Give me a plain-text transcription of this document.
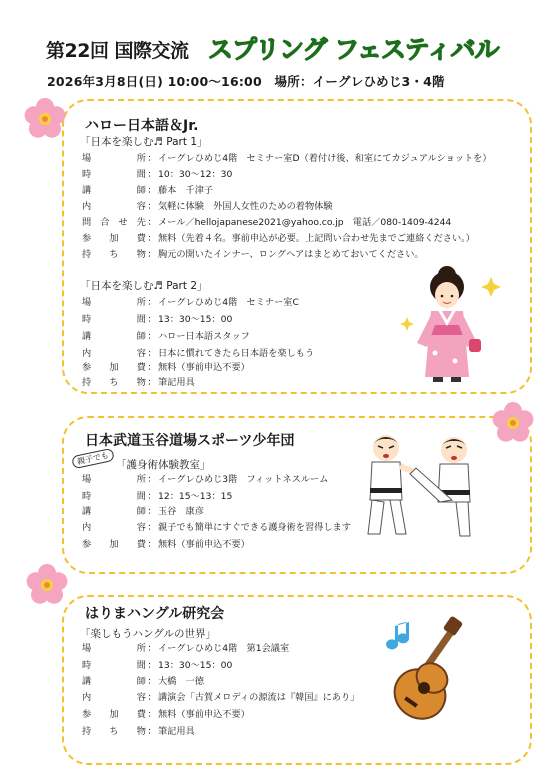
第22回 国際交流 スプリング フェスティバル
2026年3月8日(日) 10:00〜16:00　場所：イーグレひめじ3・4階
ハロー日本語＆Jr.
「日本を楽しむ♬ Part 1」
場　所：イーグレひめじ4階　セミナー室D（着付け後、和室にてカジュアルショットを）
時　間：10：30〜12：30
講　師：藤本　千津子
内　容：気軽に体験　外国人女性のための着物体験
問合せ先：メール／hellojapanese2021@yahoo.co.jp　電話／080-1409-4244
参加費：無料（先着４名。事前申込が必要。上記問い合わせ先までご連絡ください。）
持ち物：胸元の開いたインナー、ロングヘアはまとめておいてください。
「日本を楽しむ♬ Part 2」
場　所：イーグレひめじ4階　セミナー室C
時　間：13：30〜15：00
講　師：ハロー日本語スタッフ
内　容：日本に慣れてきたら日本語を楽しもう
参加費：無料（事前申込不要）
持ち物：筆記用具
日本武道玉谷道場スポーツ少年団
親子でも 「護身術体験教室」
場　所：イーグレひめじ3階　フィットネスルーム
時　間：12：15〜13：15
講　師：玉谷　康彦
内　容：親子でも簡単にすぐできる護身術を習得します
参加費：無料（事前申込不要）
はりまハングル研究会
「楽しもうハングルの世界」
場　所：イーグレひめじ4階　第1会議室
時　間：13：30〜15：00
講　師：大橋　一徳
内　容：講演会「古賀メロディの源流は『韓国』にあり」
参加費：無料（事前申込不要）
持ち物：筆記用具
